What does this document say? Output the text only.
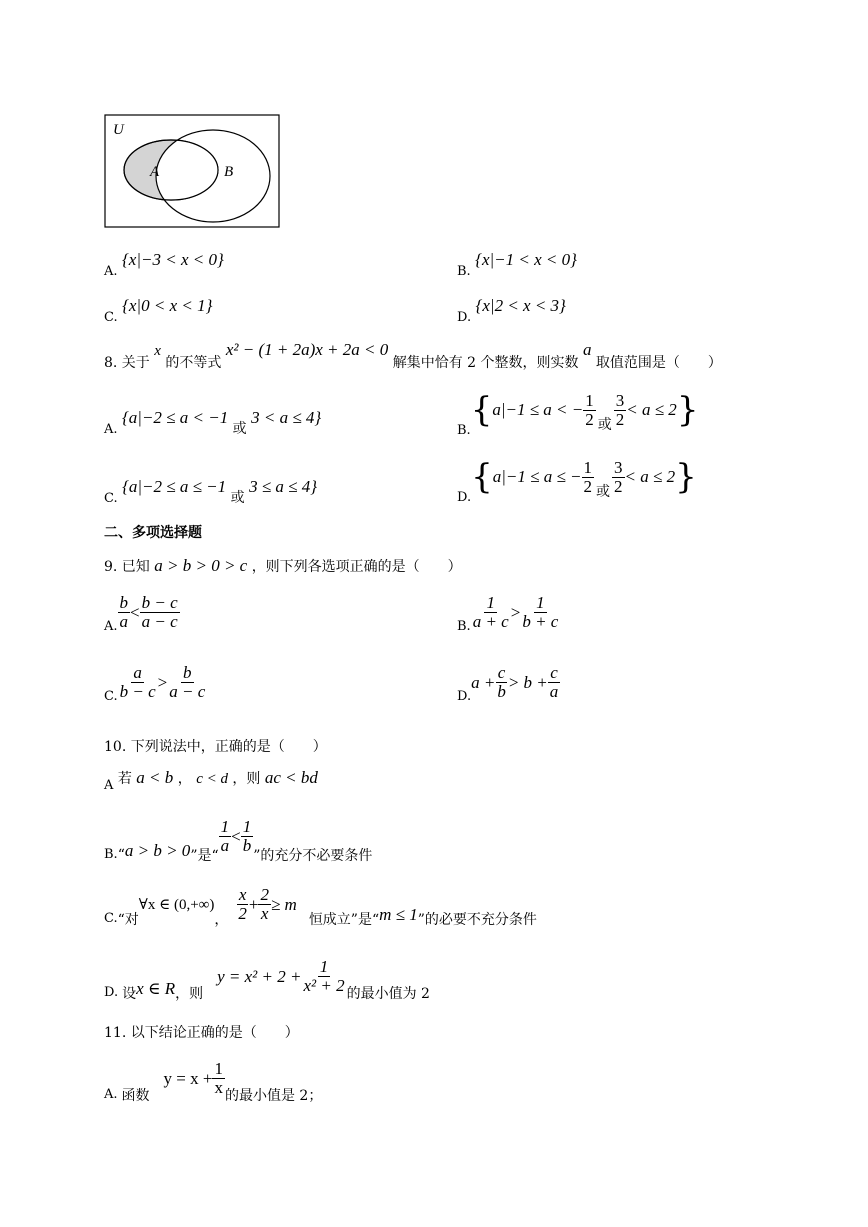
U
A	B
A. {x|−3 < x < 0}
B. {x|−1 < x < 0}
C. {x|0 < x < 1}
D. {x|2 < x < 3}
8. 关于 x 的不等式 x² − (1 + 2a)x + 2a < 0 解集中恰有 2 个整数，则实数 a 取值范围是（　　）
A. {a|−2 ≤ a < −1 或 3 < a ≤ 4}
B. { a|−1 ≤ a < − $\frac{1}{2}$ 或 $\frac{3}{2} < a \le 2$ }
C. {a|−2 ≤ a ≤ −1 或 3 ≤ a ≤ 4}
D. { a|−1 ≤ a ≤ − $\frac{1}{2}$ 或 $\frac{3}{2} < a \le 2$ }
二、多项选择题
9. 已知 a > b > 0 > c ，则下列各选项正确的是（　　）
A. $\frac{b}{a} < \frac{b - c}{a - c}$	B. $\frac{1}{a + c} > \frac{1}{b + c}$
C. $\frac{a}{b - c} > \frac{b}{a - c}$	D.
$a + \frac{c}{b} > b + \frac{c}{a}$
10. 下列说法中，正确的是（　　）
A 若 a < b ， c < d ，则 ac < bd
B. “ a > b > 0 ”是“
$\frac{1}{a} < \frac{1}{b}$
”的充分不必要条件
C. “对
∀x ∈ (0,+∞)
， $\frac{x}{2} + \frac{2}{x} \ge m$
恒成立”是“ m ≤ 1 ”的必要不充分条件
D. 设 x ∈ R ，则
$y = x^2 + 2 + \frac{1}{\text{x² + 2}}$ 的最小值为 2
11. 以下结论正确的是（　　）
A. 函数
$y = x + \frac{1}{x}$ 的最小值是 2；
